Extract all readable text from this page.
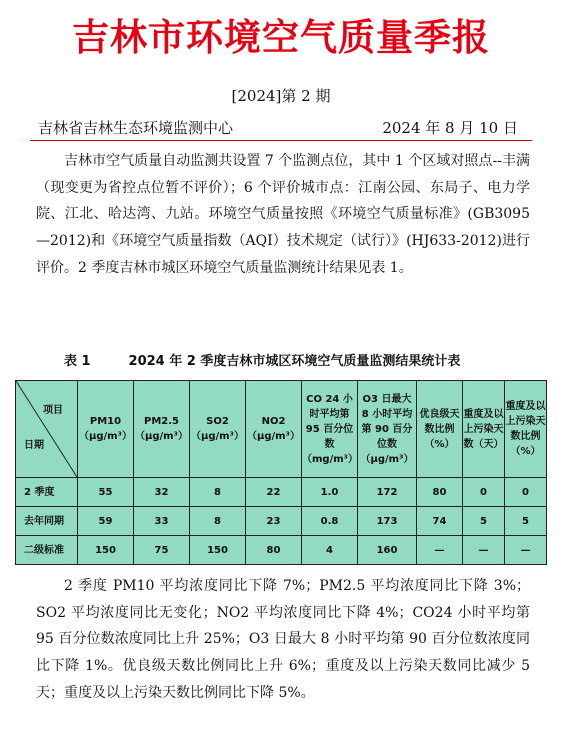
吉林市环境空气质量季报
[2024]第 2 期
吉林省吉林生态环境监测中心	2024 年 8 月 10 日

吉林市空气质量自动监测共设置 7 个监测点位，其中 1 个区域对照点--丰满（现变更为省控点位暂不评价）；6 个评价城市点：江南公园、东局子、电力学院、江北、哈达湾、九站。环境空气质量按照《环境空气质量标准》(GB3095—2012)和《环境空气质量指数（AQI）技术规定（试行）》(HJ633-2012)进行评价。2 季度吉林市城区环境空气质量监测统计结果见表 1。

表 1	2024 年 2 季度吉林市城区环境空气质量监测结果统计表
项目
日期	PM10（μg/m³）	PM2.5（μg/m³）	SO2（μg/m³）	NO2（μg/m³）	CO 24 小时平均第 95 百分位数（mg/m³）	O3 日最大 8 小时平均第 90 百分位数（μg/m³）	优良级天数比例（%）	重度及以上污染天数（天）	重度及以上污染天数比例（%）
2 季度	55	32	8	22	1.0	172	80	0	0
去年同期	59	33	8	23	0.8	173	74	5	5
二级标准	150	75	150	80	4	160	—	—	—

2 季度 PM10 平均浓度同比下降 7%；PM2.5 平均浓度同比下降 3%；SO2 平均浓度同比无变化；NO2 平均浓度同比下降 4%；CO24 小时平均第 95 百分位数浓度同比上升 25%；O3 日最大 8 小时平均第 90 百分位数浓度同比下降 1%。优良级天数比例同比上升 6%；重度及以上污染天数同比减少 5 天；重度及以上污染天数比例同比下降 5%。
